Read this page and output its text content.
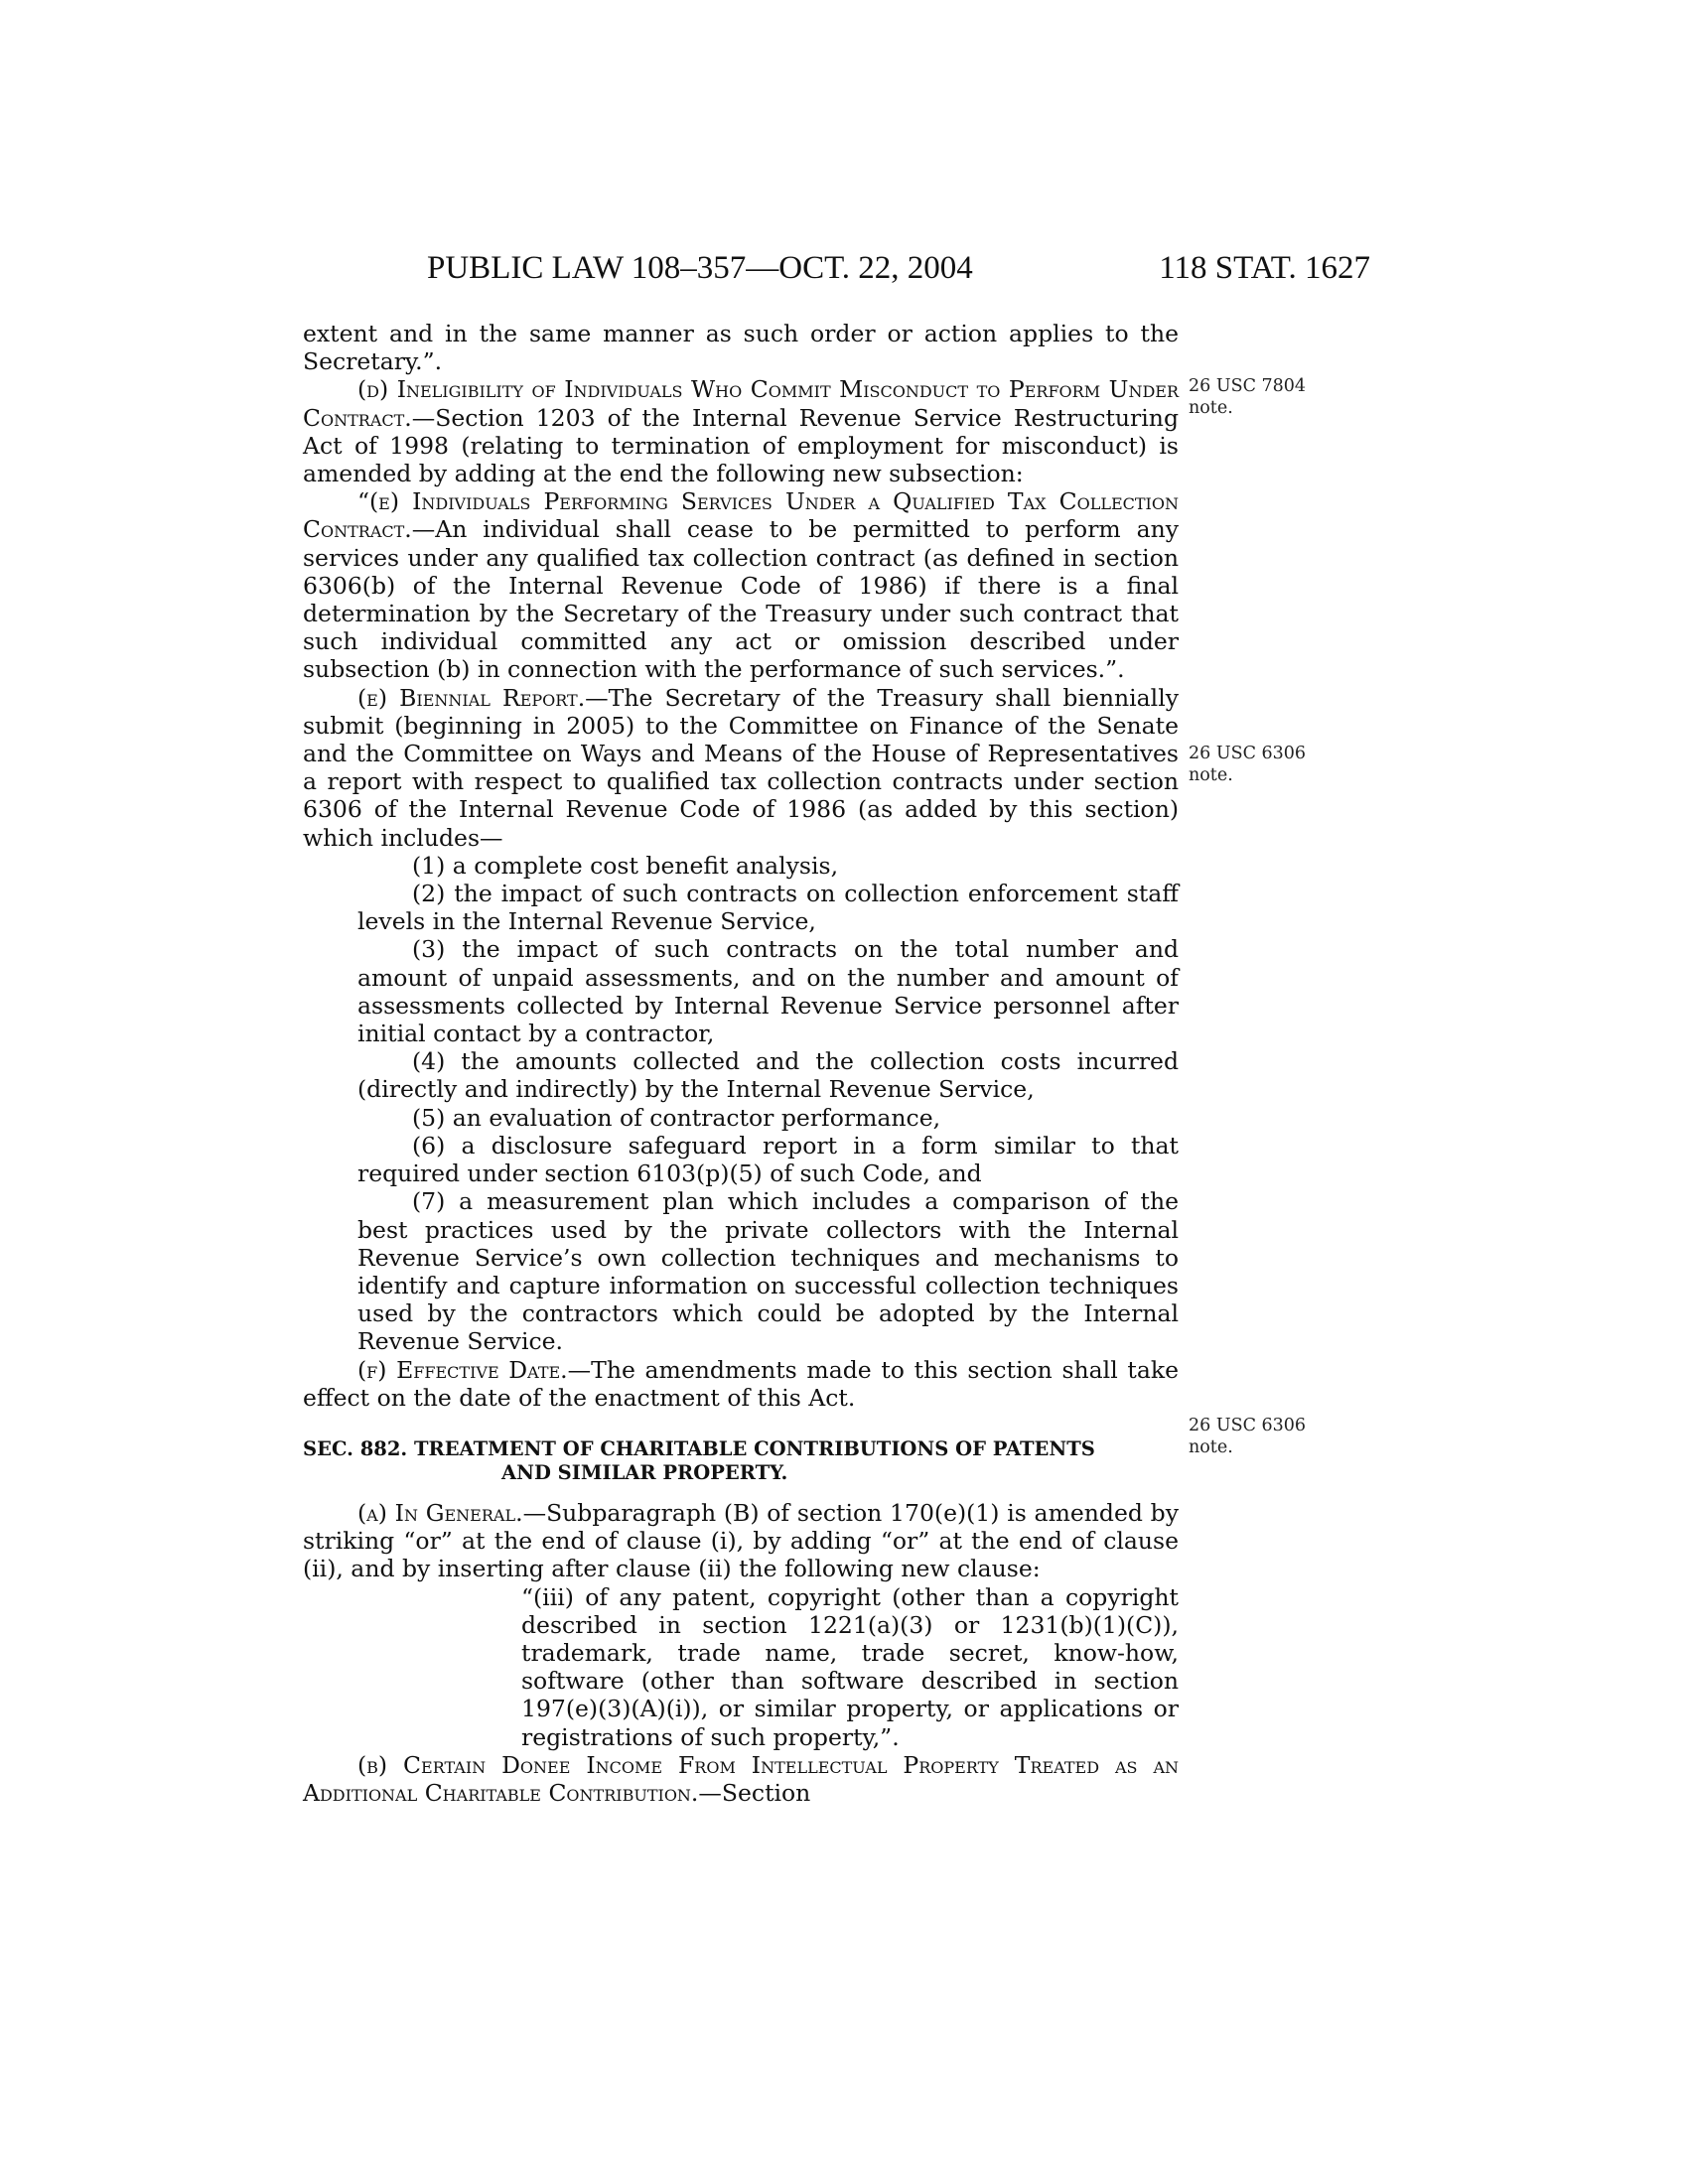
PUBLIC LAW 108–357—OCT. 22, 2004	118 STAT. 1627
26 USC 7804
note.
26 USC 6306
note.
26 USC 6306
note.

extent and in the same manner as such order or action applies to the Secretary.”.

(d) Ineligibility of Individuals Who Commit Misconduct to Perform Under Contract.—Section 1203 of the Internal Revenue Service Restructuring Act of 1998 (relating to termination of employment for misconduct) is amended by adding at the end the following new subsection:

“(e) Individuals Performing Services Under a Qualified Tax Collection Contract.—An individual shall cease to be permitted to perform any services under any qualified tax collection contract (as defined in section 6306(b) of the Internal Revenue Code of 1986) if there is a final determination by the Secretary of the Treasury under such contract that such individual committed any act or omission described under subsection (b) in connection with the performance of such services.”.

(e) Biennial Report.—The Secretary of the Treasury shall biennially submit (beginning in 2005) to the Committee on Finance of the Senate and the Committee on Ways and Means of the House of Representatives a report with respect to qualified tax collection contracts under section 6306 of the Internal Revenue Code of 1986 (as added by this section) which includes—

(1) a complete cost benefit analysis,

(2) the impact of such contracts on collection enforcement staff levels in the Internal Revenue Service,

(3) the impact of such contracts on the total number and amount of unpaid assessments, and on the number and amount of assessments collected by Internal Revenue Service personnel after initial contact by a contractor,

(4) the amounts collected and the collection costs incurred (directly and indirectly) by the Internal Revenue Service,

(5) an evaluation of contractor performance,

(6) a disclosure safeguard report in a form similar to that required under section 6103(p)(5) of such Code, and

(7) a measurement plan which includes a comparison of the best practices used by the private collectors with the Internal Revenue Service’s own collection techniques and mechanisms to identify and capture information on successful collection techniques used by the contractors which could be adopted by the Internal Revenue Service.

(f) Effective Date.—The amendments made to this section shall take effect on the date of the enactment of this Act.

SEC. 882. TREATMENT OF CHARITABLE CONTRIBUTIONS OF PATENTS
AND SIMILAR PROPERTY.

(a) In General.—Subparagraph (B) of section 170(e)(1) is amended by striking “or” at the end of clause (i), by adding “or” at the end of clause (ii), and by inserting after clause (ii) the following new clause:

“(iii) of any patent, copyright (other than a copyright described in section 1221(a)(3) or 1231(b)(1)(C)), trademark, trade name, trade secret, know-how, software (other than software described in section 197(e)(3)(A)(i)), or similar property, or applications or registrations of such property,”.

(b) Certain Donee Income From Intellectual Property Treated as an Additional Charitable Contribution.—Section
